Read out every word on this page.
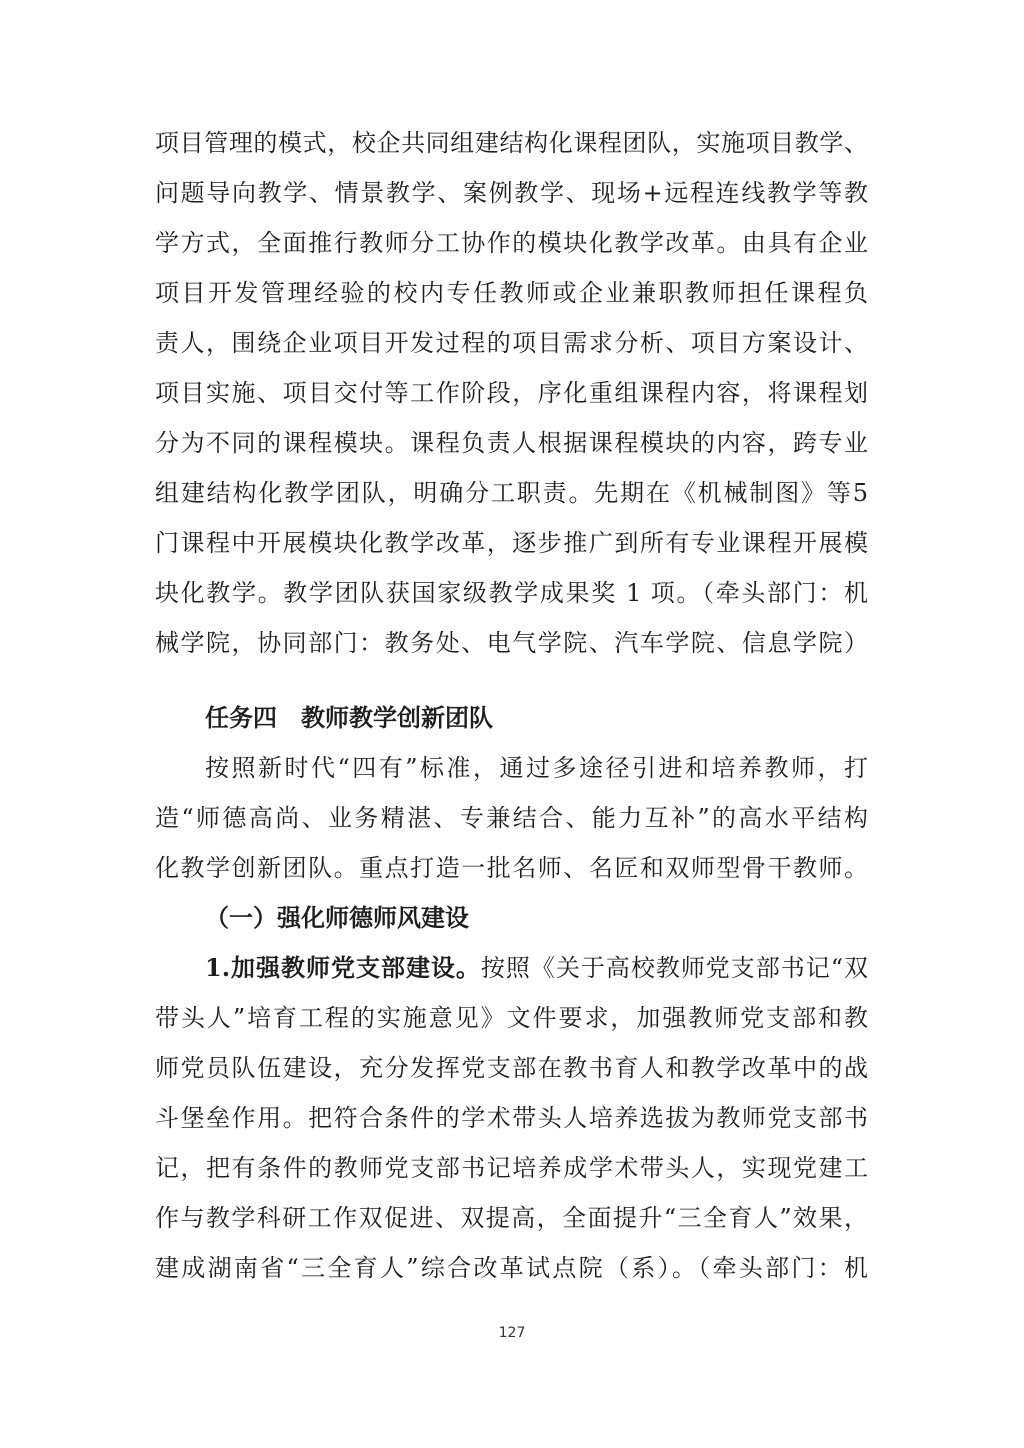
项目管理的模式，校企共同组建结构化课程团队，实施项目教学、
问题导向教学、情景教学、案例教学、现场+远程连线教学等教
学方式，全面推行教师分工协作的模块化教学改革。由具有企业
项目开发管理经验的校内专任教师或企业兼职教师担任课程负
责人，围绕企业项目开发过程的项目需求分析、项目方案设计、
项目实施、项目交付等工作阶段，序化重组课程内容，将课程划
分为不同的课程模块。课程负责人根据课程模块的内容，跨专业
组建结构化教学团队，明确分工职责。先期在《机械制图》等5
门课程中开展模块化教学改革，逐步推广到所有专业课程开展模
块化教学。教学团队获国家级教学成果奖 1 项。（牵头部门：机
械学院，协同部门：教务处、电气学院、汽车学院、信息学院）
任务四　教师教学创新团队
按照新时代“四有”标准，通过多途径引进和培养教师，打
造“师德高尚、业务精湛、专兼结合、能力互补”的高水平结构
化教学创新团队。重点打造一批名师、名匠和双师型骨干教师。
（一）强化师德师风建设
1.加强教师党支部建设。按照《关于高校教师党支部书记“双
带头人”培育工程的实施意见》文件要求，加强教师党支部和教
师党员队伍建设，充分发挥党支部在教书育人和教学改革中的战
斗堡垒作用。把符合条件的学术带头人培养选拔为教师党支部书
记，把有条件的教师党支部书记培养成学术带头人，实现党建工
作与教学科研工作双促进、双提高，全面提升“三全育人”效果，
建成湖南省“三全育人”综合改革试点院（系）。（牵头部门：机
127
